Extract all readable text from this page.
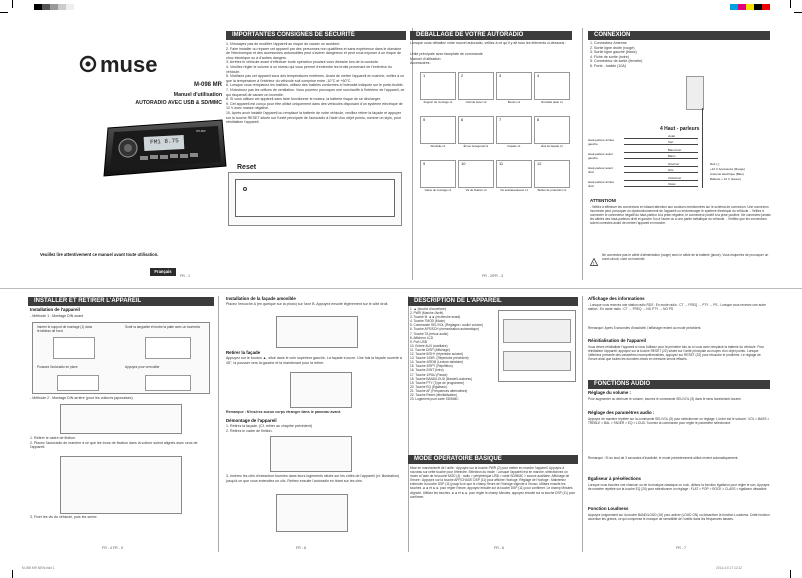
muse
M-098 MR
Manuel d'utilisation
AUTORADIO AVEC USB & SD/MMC
muse
FM1 8.75
Veuillez lire attentivement ce manuel avant toute utilisation.
Français
FR - 1
IMPORTANTES CONSIGNES DE SÉCURITÉ
1. N'essayez pas de modifier l'appareil au risque de causer un accident.
2. Faire installer ou réparer cet appareil par des personnes non qualifiées et sans expérience dans le domaine de l'électronique et des accessoires automobiles peut s'avérer dangereux et peut vous exposer à un risque de choc électrique ou à d'autres dangers.
3. Arrêtez le véhicule avant d'effectuer toute opération pouvant vous distraire lors de la conduite.
4. Veuillez régler le volume à un niveau qui vous permet d'entendre les bruits provenant de l'extérieur du véhicule.
5. N'utilisez pas cet appareil sous des températures extrêmes. Avant de mettre l'appareil en marche, veillez à ce que la température à l'intérieur du véhicule soit comprise entre -10°C et +60°C.
6. Lorsque vous remplacez les fusibles, utilisez des fusibles conformes à l'intensité indiquée sur le porte-fusible.
7. N'obstruez pas les orifices de ventilation. Vous pourriez provoquer une surchauffe à l'intérieur de l'appareil, ce qui risquerait de causer un incendie.
8. Si vous utilisez cet appareil sans faire fonctionner le moteur, la batterie risque de se décharger.
9. Cet appareil est conçu pour être utilisé uniquement dans des véhicules disposant d'un système électrique de 12 V avec masse négative.
10. Après avoir installé l'appareil ou remplacé la batterie de votre véhicule, veuillez retirer la façade et appuyer sur la touche RESET située sur l'unité principale de l'autoradio à l'aide d'un objet pointu, comme un stylo, pour réinitialiser l'appareil.
Reset
DÉBALLAGE DE VOTRE AUTORADIO
Lorsque vous déballez votre nouvel autoradio, veillez à ce qu'il y ait tous les éléments ci-dessous :
Unité principale avec faceplate de commande
Manuel d'utilisation
Accessoires :
1
Support de montage x1
2
Outil de levier x2
3
Boulon x1
4
Rondelle plate x1
5
Rondelle x1
6
Écrou hexagonal x1
7
Façade x1
8
Étui de façade x1
9
Gaine de montage x1
10
Vis de fixation x4
11
Vis autotaraudeuse x1
12
Boîtier de protection x1
FR - 2/FR - 3
CONNEXION
1. Connecteur Antenne
2. Sortie ligne droite (rouge)
3. Sortie ligne gauche (blanc)
4. Fiche de sortie (noire)
5. Connecteur de sortie (femelle)
6. Porte - fusible (10A)
4 Haut - parleurs
Haut-parleur arrière gauche
Haut-parleur avant gauche
Haut-parleur avant droit
Haut-parleur arrière droit
violet
Vert
Blanc/noir
Blanc
Gris/noir
Gris
Violet/noir
Violet
Noir (-)
+12 V Accessoire (Rouge)
Antenne électrique (Bleu)
Batterie + 12 V (Jaune)
ATTENTION!
- Veillez à effectuer les connexions en faisant attention aux couleurs mentionnées sur le schéma de connexion. Une connexion incorrecte peut provoquer un dysfonctionnement de l'appareil ou endommager le système électrique du véhicule. - Veillez à connecter le connecteur négatif du haut-parleur à la prise négative, le connecteur positif à la prise positive. Ne connectez jamais les câbles des haut-parleurs droit et gauche l'un à l'autre ou à une partie métallique du véhicule. - Vérifiez que les connexions soient correctes avant de mettre l'appareil en marche.
!
Ne connectez pas le câble d'alimentation (rouge) avec le câble de la batterie (jaune). Vous risqueriez de provoquer un court-circuit, voire un incendie.
INSTALLER ET RETIRER L'APPAREIL
Installation de l'appareil
- Méthode 1 : Montage DIN avant
Insérer le support de montage (1) dans le tableau de bord.
Sortir la languette et tordre la patte avec un tournevis
Poussez l'autoradio en place	Appuyez pour verrouiller
- Méthode 2 : Montage DIN arrière (pour les voitures japonaises)
1. Retirer le cadre de finition.
2. Placez l'autoradio de manière à ce que les trous de fixation dans la voiture soient alignés avec ceux de l'appareil.
3. Fixer les vis du véhicule, puis les serrer.
FR - 4 FR - 5
Installation de la façade amovible
Placez l'encoche A (en quelque sur la photo) sur l'axe B. Appuyez ensuite légèrement sur le côté droit.
Retirer la façade
Appuyez sur le bouton ▲, situé dans le coin supérieur gauche. La façade s'ouvre. Une fois la façade ouverte à 45°, la pousser vers la gauche et la maintenant pour la retirer.
Remarque : N'insérez aucun corps étranger dans le panneau avant.
Démontage de l'appareil
1. Retirez la façade. (Cf. retirer au chapitre précédent)
2. Retirez le cadre de finition.
3. Insérez les clés d'extraction fournies dans leurs logements situés sur les côtés de l'appareil (cf. illustration) jusqu'à ce que vous entendiez un clic. Retirez ensuite l'autoradio en tirant sur les clés.
FR - 6
DESCRIPTION DE L'APPAREIL
1. ▲ (touche d'ouverture)
2. PWR (Marche /Arrêt)
3. Touche M ◄◄ (recherche avant)
4. Touche TMOD (Mode)
5. Commande SEL/VOL (Réglages / audio/ volume)
6. Touche APS/SCH (mémorisation automatique)
7. Touche TA (retour audio)
8. Afficheur LCD
9. Port USB
10. Entrée AUX (auxiliaire)
11. Touche DISP (Affichage)
12. Touche 5/SH+ (répertoire suivant)
13. Touche 1/DIR- (Répertoire précédent)
14. Touche 4/RDM (Lecture aléatoire)
15. Touche 3/RPT (Répétition)
16. Touche 2/INT (Intro)
17. Touche 1/PAU (Pause)
18. Touche BAND/LOUD (Bande/Loudness)
19. Touche PTY (Type de programme)
20. Touche EQ (Égaliseur)
21. Touche AF (Fréquences alternatives)
22. Touche Reset (réinitialisation)
23. Logement pour carte SD/MMC
MODE OPÉRATOIRE BASIQUE
Mise en marche/arrêt de l'unité : Appuyez sur la touche PWR (2) pour mettre en marche l'appareil. Appuyez à nouveau sur cette touche pour l'éteindre. Sélection du mode : Lorsque l'appareil est en marche, sélectionnez un mode à l'aide de la touche MOD (4) : radio > périphérique USB > carte SD/MMC > source auxiliaire. Affichage de l'heure : Appuyez sur la touche AFFICHAGE DSP (11) pour afficher l'horloge. Réglage de l'horloge : Maintenez enfoncée la touche DSP (11) jusqu'à ce que le champ Heure de l'horloge clignote à l'écran. Utilisez ensuite les touches ◄◄ et ►► pour régler l'heure, appuyez ensuite sur la touche DSP (11) pour confirmer. Le champ Minutes clignote. Utilisez les touches ◄◄ et ►► pour régler le champ Minutes, appuyez ensuite sur la touche DSP (11) pour confirmer.
FR - 6
Affichage des informations
- Lorsque vous recevez une station radio RDS : En mode radio : CT → FREQ → PTY → PS - Lorsque vous recevez une autre station : En mode radio : CT → FREQ → NO PTY → NO PS
Remarque: Après 5 secondes d'inactivité, l'affichage revient au mode précédent.
Réinitialisation de l'appareil
Vous devez réinitialiser l'appareil si vous l'utilisez pour la première fois ou si vous avez remplacé la batterie du véhicule. Pour réinitialiser l'appareil, appuyez sur la touche RESET (22) située sur l'unité principale au moyen d'un objet pointu. Lorsque l'afficheur présente des caractères incompréhensibles, appuyez sur RESET (22) pour résoudre le problème. Le réglage de l'heure ainsi que toutes les données mises en mémoire seront effacés.
FONCTIONS AUDIO
Réglage du volume :
Pour augmenter ou diminuer le volume, tournez le commande SEL/VOL (5) dans le sens horaire/anti-horaire.
Réglage des paramètres audio :
Appuyez de manière répétée sur la commande SEL/VOL (5) pour sélectionner un réglage. L'ordre est le suivant : VOL > BASS > TREBLE > BAL > FADER > EQ > LOUD. Tournez la commande pour régler le paramètre sélectionné.
Remarque : Si au bout de 3 secondes d'inactivité, le mode précédemment utilisé revient automatiquement.
Égaliseur à présélections
Lorsque vous écoutez une chanson ou de la musique classique ou rock, utilisez la fonction égaliseur pour régler le son. Appuyez de manière répétée sur la touche EQ (20) pour sélectionner un réglage : FLAT > POP > ROCK > CLASS > égaliseur désactivé.
Fonction Loudness
Appuyez longuement sur la touche BAND/LOUD (18) pour activer (LOUD ON) ou désactiver la fonction Loudness. Cette fonction accentue les graves, ce qui compense le manque de sensibilité de l'oreille dans les fréquences basses.
FR - 7
M-098 MR NEW.indd 1	2014-4-5 17:12:12
